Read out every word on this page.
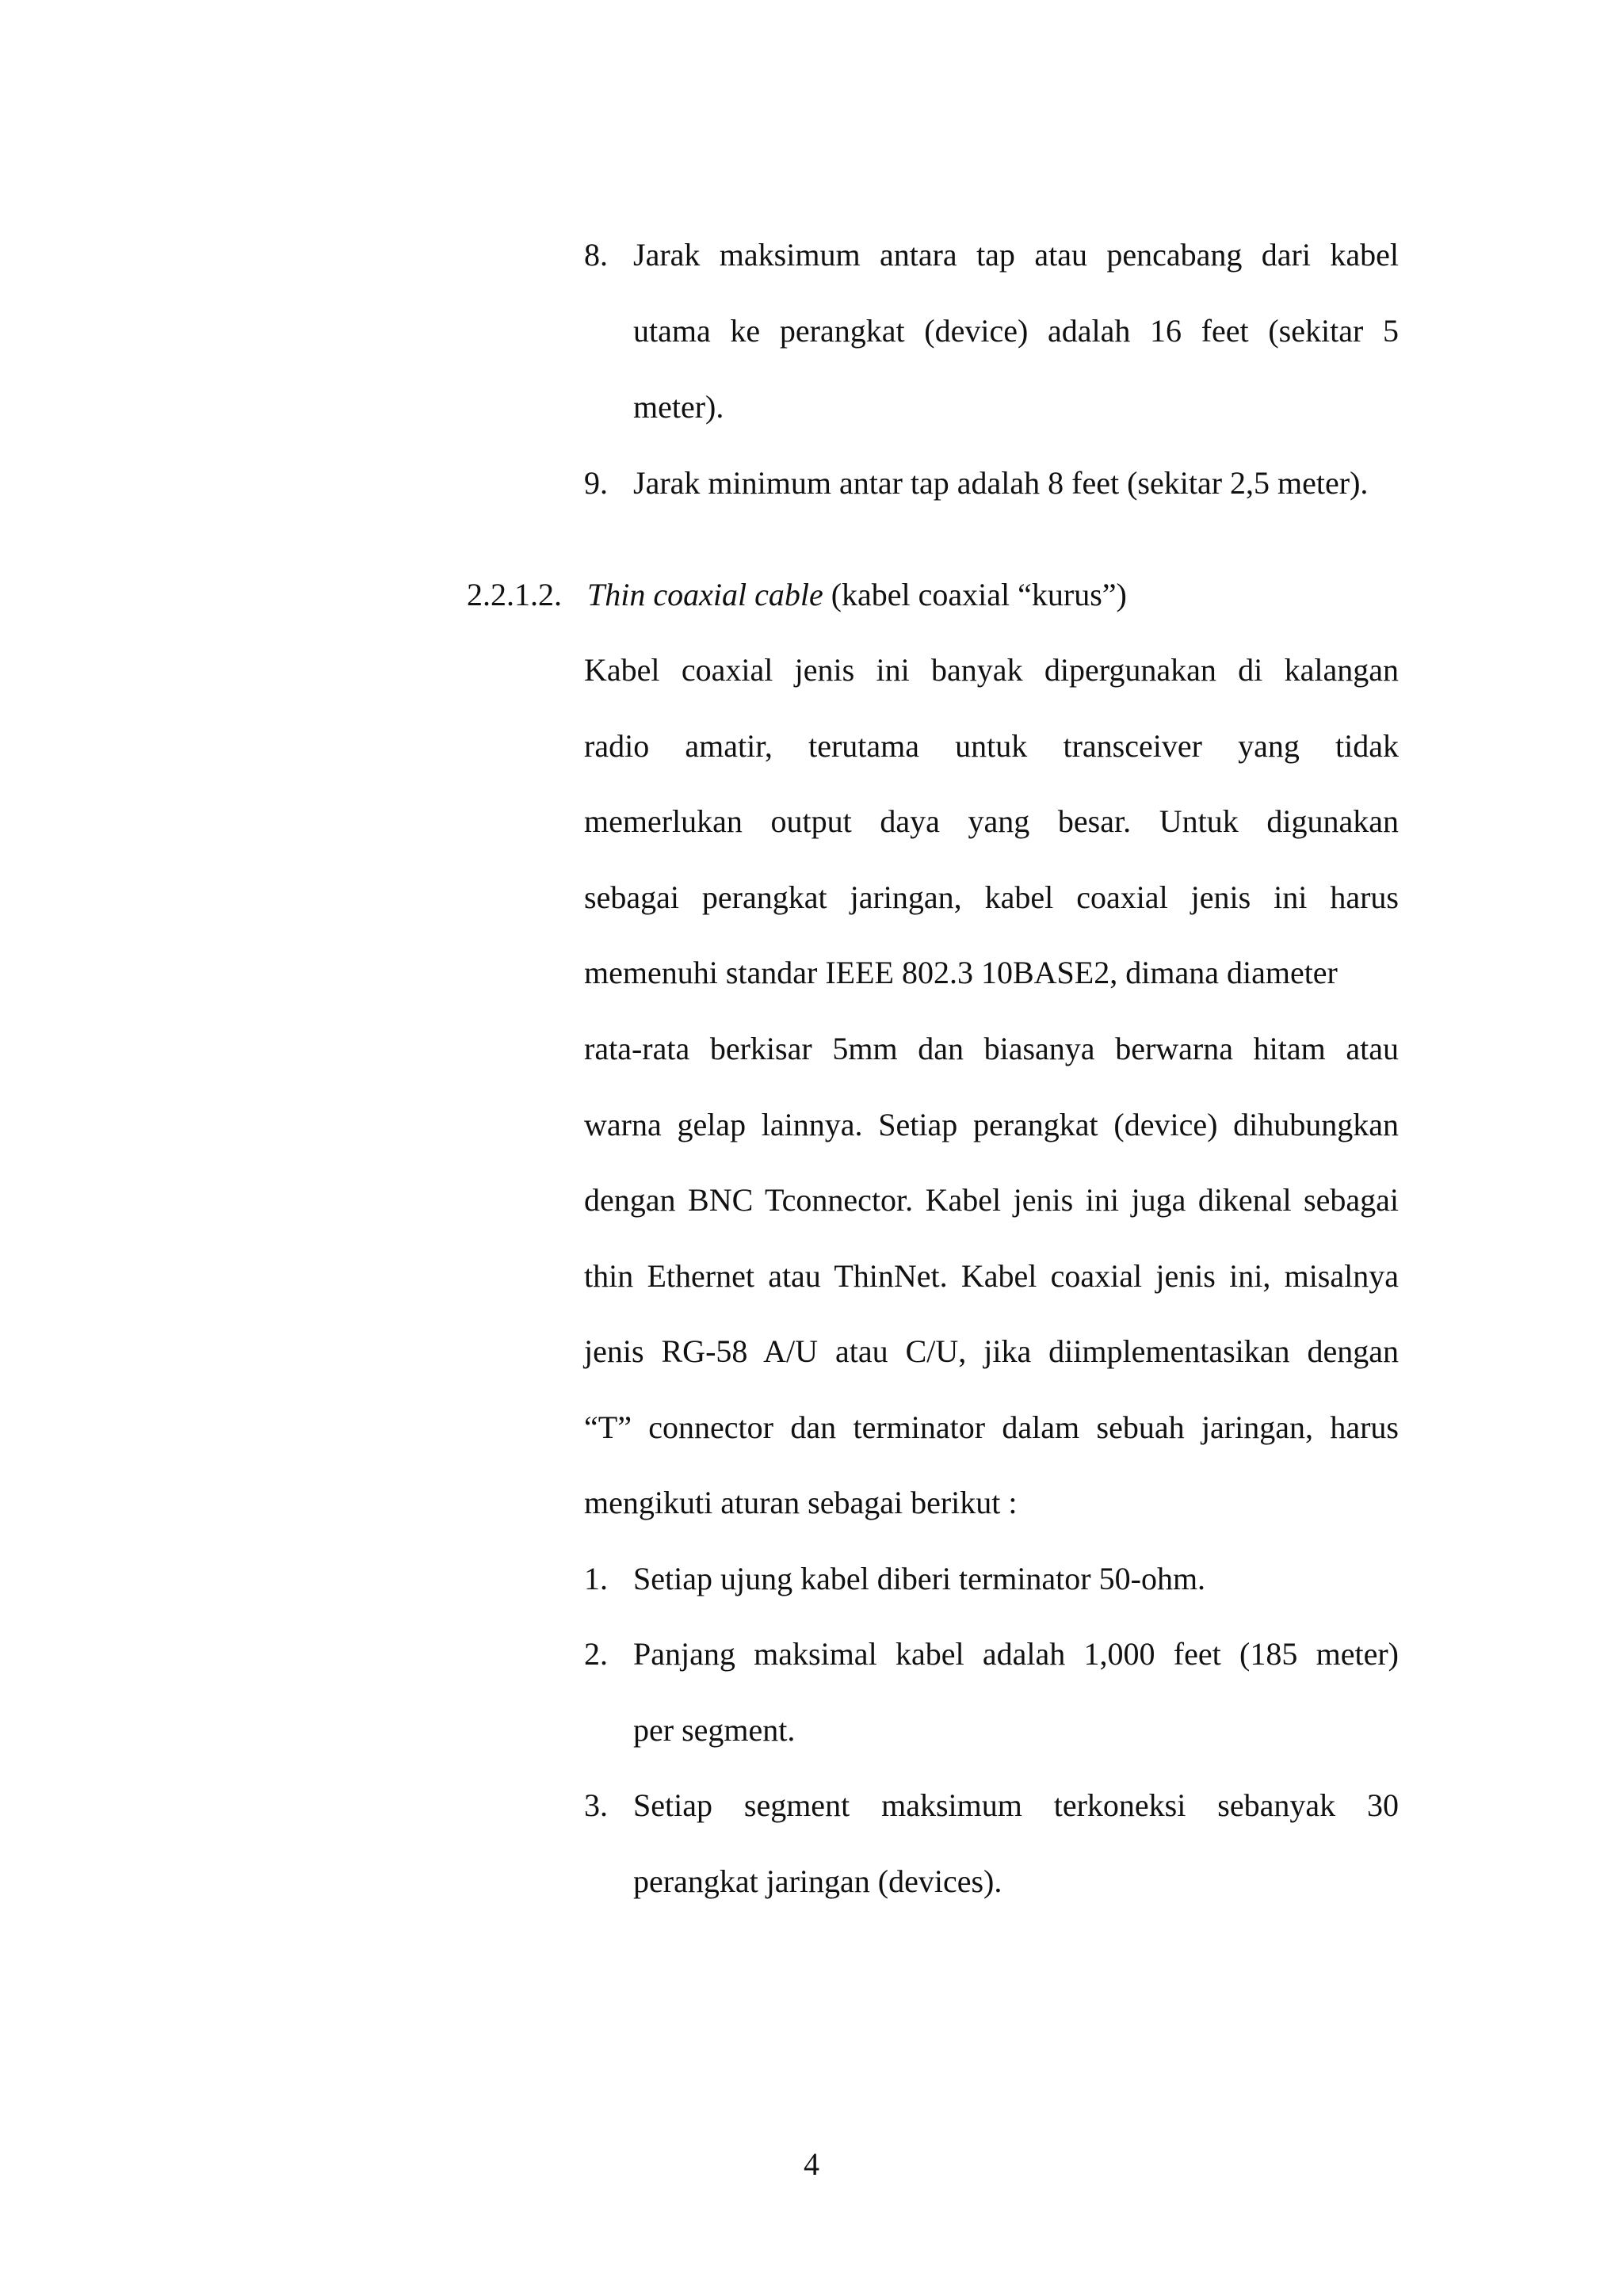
8. Jarak maksimum antara tap atau pencabang dari kabel
utama ke perangkat (device) adalah 16 feet (sekitar 5
meter).
9. Jarak minimum antar tap adalah 8 feet (sekitar 2,5 meter).
2.2.1.2. Thin coaxial cable (kabel coaxial “kurus”)
Kabel coaxial jenis ini banyak dipergunakan di kalangan
radio amatir, terutama untuk transceiver yang tidak
memerlukan output daya yang besar. Untuk digunakan
sebagai perangkat jaringan, kabel coaxial jenis ini harus
memenuhi standar IEEE 802.3 10BASE2, dimana diameter
rata-rata berkisar 5mm dan biasanya berwarna hitam atau
warna gelap lainnya. Setiap perangkat (device) dihubungkan
dengan BNC Tconnector. Kabel jenis ini juga dikenal sebagai
thin Ethernet atau ThinNet. Kabel coaxial jenis ini, misalnya
jenis RG-58 A/U atau C/U, jika diimplementasikan dengan
“T” connector dan terminator dalam sebuah jaringan, harus
mengikuti aturan sebagai berikut :
1. Setiap ujung kabel diberi terminator 50-ohm.
2. Panjang maksimal kabel adalah 1,000 feet (185 meter)
per segment.
3. Setiap segment maksimum terkoneksi sebanyak 30
perangkat jaringan (devices).
4
